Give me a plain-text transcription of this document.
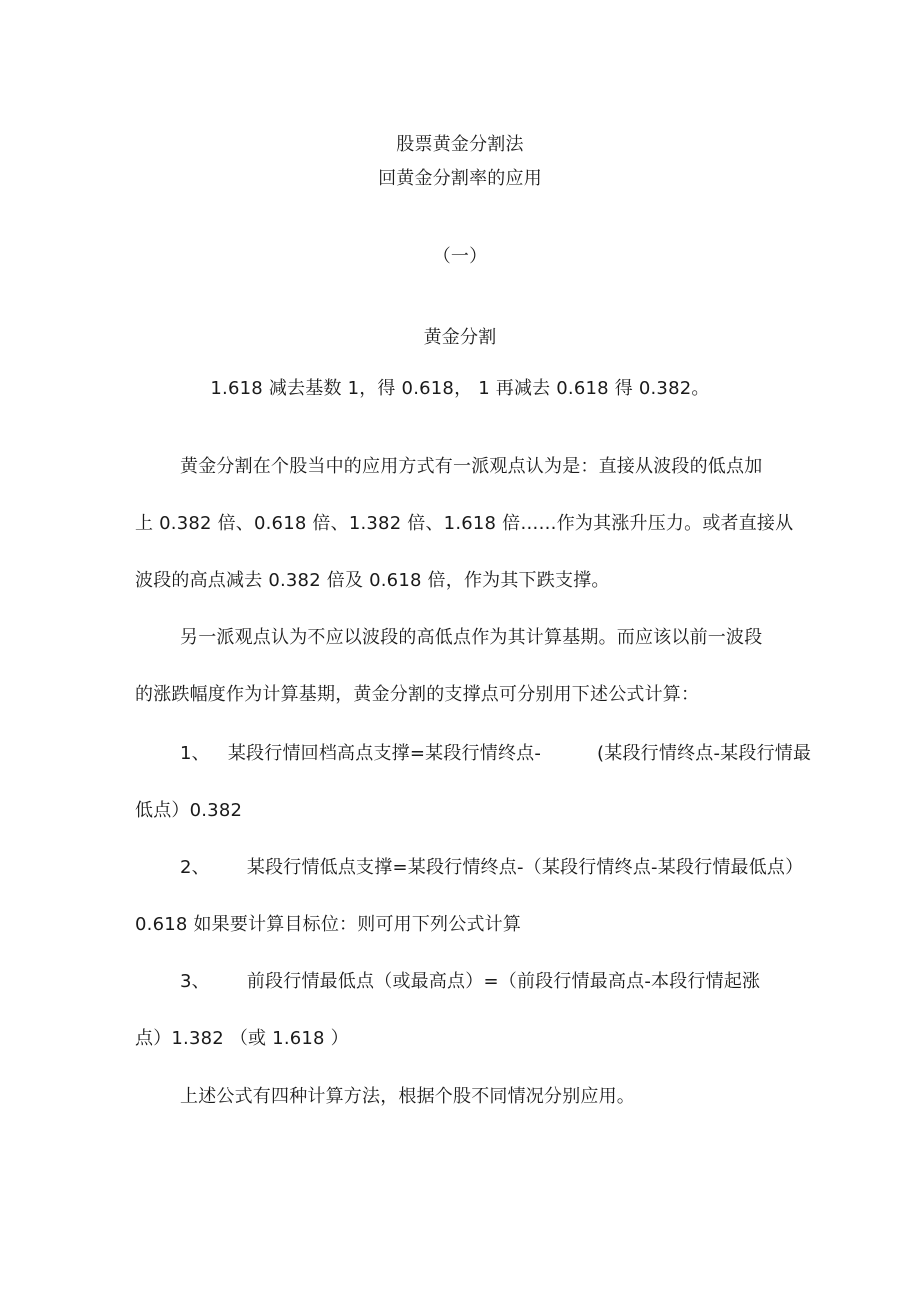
股票黄金分割法
回黄金分割率的应用
（一）
黄金分割
1.618 减去基数 1，得 0.618， 1 再减去 0.618 得 0.382。
黄金分割在个股当中的应用方式有一派观点认为是：直接从波段的低点加
上 0.382 倍、0.618 倍、1.382 倍、1.618 倍……作为其涨升压力。或者直接从
波段的高点减去 0.382 倍及 0.618 倍，作为其下跌支撑。
另一派观点认为不应以波段的高低点作为其计算基期。而应该以前一波段
的涨跌幅度作为计算基期，黄金分割的支撑点可分别用下述公式计算：
1、 某段行情回档高点支撑=某段行情终点-	(某段行情终点-某段行情最
低点）0.382
2、 某段行情低点支撑=某段行情终点-（某段行情终点-某段行情最低点）
0.618 如果要计算目标位：则可用下列公式计算
3、 前段行情最低点（或最高点）=（前段行情最高点-本段行情起涨
点）1.382 （或 1.618 ）
上述公式有四种计算方法，根据个股不同情况分别应用。
